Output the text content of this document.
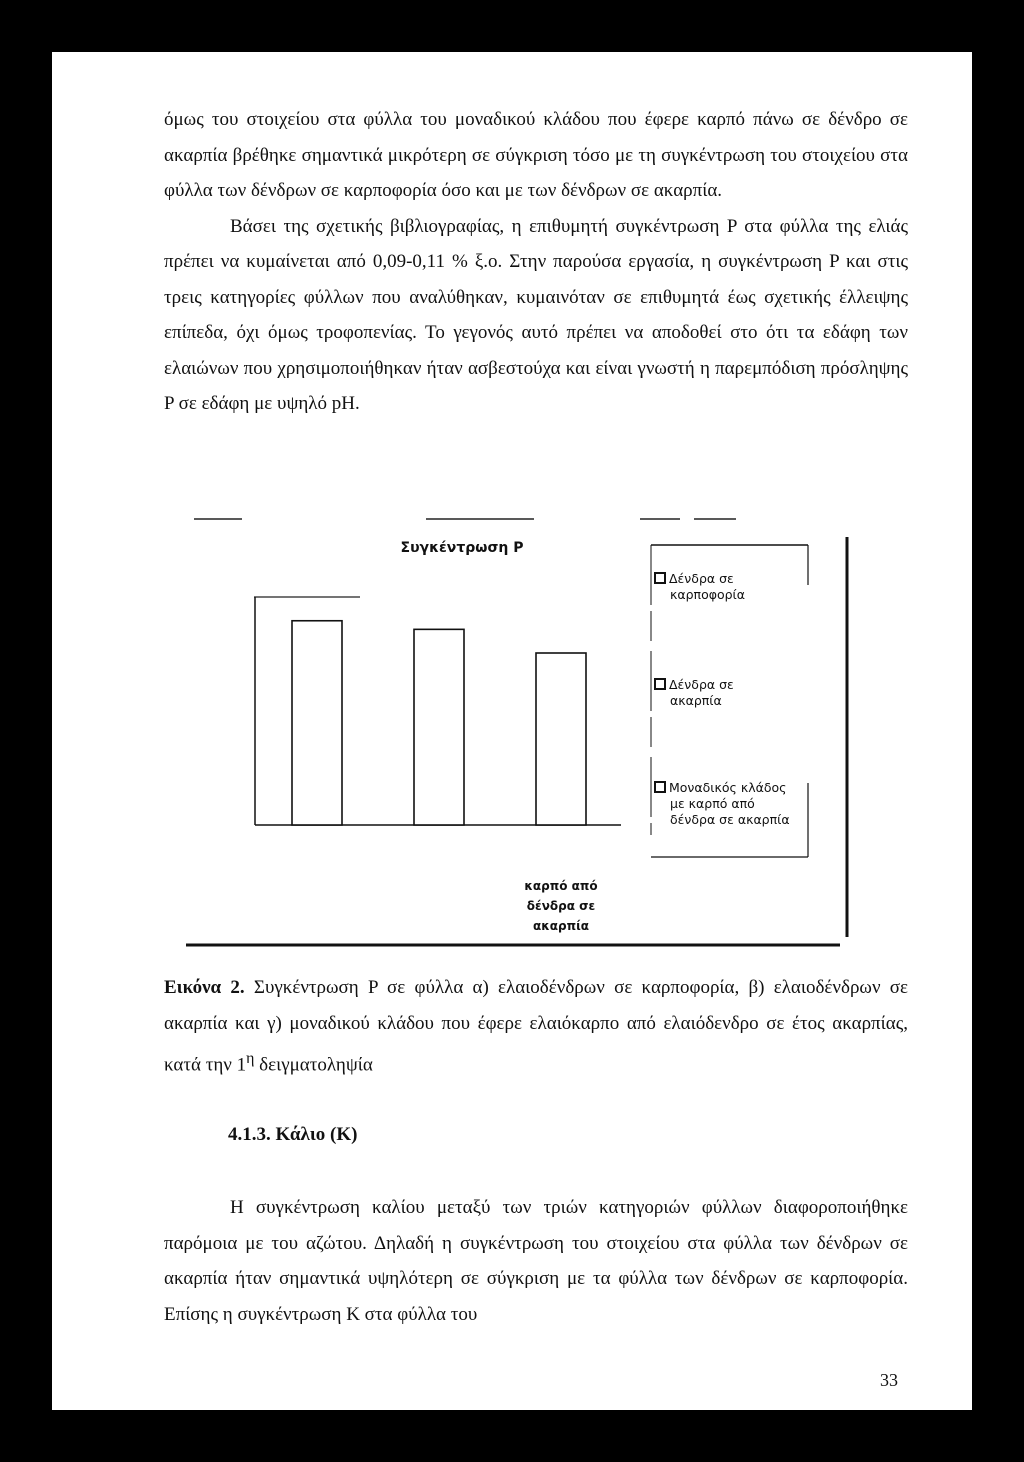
όμως του στοιχείου στα φύλλα του μοναδικού κλάδου που έφερε καρπό πάνω σε δένδρο σε ακαρπία βρέθηκε σημαντικά μικρότερη σε σύγκριση τόσο με τη συγκέντρωση του στοιχείου στα φύλλα των δένδρων σε καρποφορία όσο και με των δένδρων σε ακαρπία.

Βάσει της σχετικής βιβλιογραφίας, η επιθυμητή συγκέντρωση P στα φύλλα της ελιάς πρέπει να κυμαίνεται από 0,09-0,11 % ξ.ο. Στην παρούσα εργασία, η συγκέντρωση P και στις τρεις κατηγορίες φύλλων που αναλύθηκαν, κυμαινόταν σε επιθυμητά έως σχετικής έλλειψης επίπεδα, όχι όμως τροφοπενίας. Το γεγονός αυτό πρέπει να αποδοθεί στο ότι τα εδάφη των ελαιώνων που χρησιμοποιήθηκαν ήταν ασβεστούχα και είναι γνωστή η παρεμπόδιση πρόσληψης P σε εδάφη με υψηλό pH.

Συγκέντρωση P
Δένδρα σε
καρποφορία
Δένδρα σε
ακαρπία
Μοναδικός κλάδος
με καρπό από
δένδρα σε ακαρπία
καρπό από
δένδρα σε
ακαρπία
Εικόνα 2. Συγκέντρωση P σε φύλλα α) ελαιοδένδρων σε καρποφορία, β) ελαιοδένδρων σε ακαρπία και γ) μοναδικού κλάδου που έφερε ελαιόκαρπο από ελαιόδενδρο σε έτος ακαρπίας, κατά την $1^\eta$ δειγματοληψία

4.1.3. Κάλιο (K)

Η συγκέντρωση καλίου μεταξύ των τριών κατηγοριών φύλλων διαφοροποιήθηκε παρόμοια με του αζώτου. Δηλαδή η συγκέντρωση του στοιχείου στα φύλλα των δένδρων σε ακαρπία ήταν σημαντικά υψηλότερη σε σύγκριση με τα φύλλα των δένδρων σε καρποφορία. Επίσης η συγκέντρωση Κ στα φύλλα του

33
